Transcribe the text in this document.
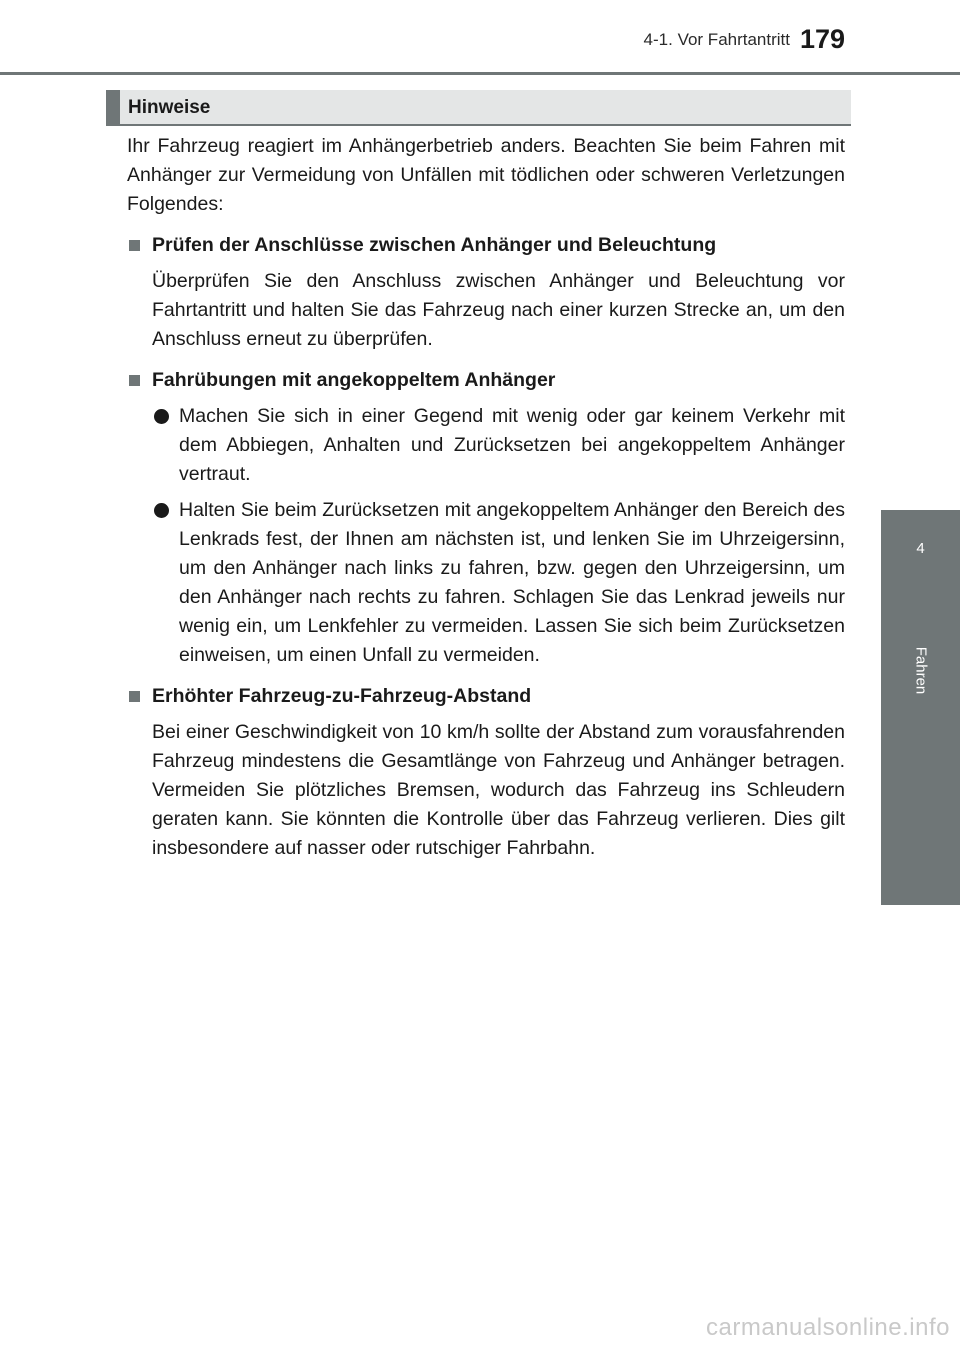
4-1. Vor Fahrtantritt 179
4
Fahren
Hinweise

Ihr Fahrzeug reagiert im Anhängerbetrieb anders. Beachten Sie beim Fahren mit Anhänger zur Vermeidung von Unfällen mit tödlichen oder schweren Verletzungen Folgendes:

Prüfen der Anschlüsse zwischen Anhänger und Beleuchtung

Überprüfen Sie den Anschluss zwischen Anhänger und Beleuchtung vor Fahrtantritt und halten Sie das Fahrzeug nach einer kurzen Strecke an, um den Anschluss erneut zu überprüfen.

Fahrübungen mit angekoppeltem Anhänger
Machen Sie sich in einer Gegend mit wenig oder gar keinem Verkehr mit dem Abbiegen, Anhalten und Zurücksetzen bei angekoppeltem Anhänger vertraut.
Halten Sie beim Zurücksetzen mit angekoppeltem Anhänger den Bereich des Lenkrads fest, der Ihnen am nächsten ist, und lenken Sie im Uhrzeigersinn, um den Anhänger nach links zu fahren, bzw. gegen den Uhrzeigersinn, um den Anhänger nach rechts zu fahren. Schlagen Sie das Lenkrad jeweils nur wenig ein, um Lenkfehler zu vermeiden. Lassen Sie sich beim Zurücksetzen einweisen, um einen Unfall zu vermeiden.
Erhöhter Fahrzeug-zu-Fahrzeug-Abstand

Bei einer Geschwindigkeit von 10 km/h sollte der Abstand zum vorausfahrenden Fahrzeug mindestens die Gesamtlänge von Fahrzeug und Anhänger betragen. Vermeiden Sie plötzliches Bremsen, wodurch das Fahrzeug ins Schleudern geraten kann. Sie könnten die Kontrolle über das Fahrzeug verlieren. Dies gilt insbesondere auf nasser oder rutschiger Fahrbahn.

carmanualsonline.info
